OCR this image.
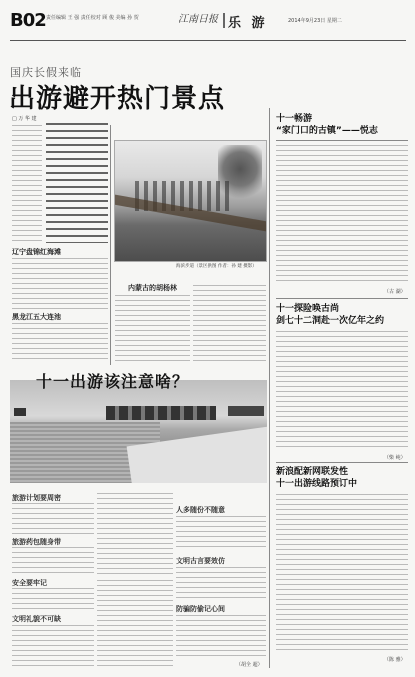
B02 责任编辑 王 强 责任校对 顾 俊 美编 孙 贺	江南日报 乐 游	2014年9月23日 星期二
国庆长假来临
出游避开热门景点
□ 万 华 建
海滨步道（景区供图 作者：孙 建 摄影）
辽宁盘锦红海滩
黑龙江五大连池
内蒙古的胡杨林
十一出游该注意啥？
旅游计划要周密
旅游药包随身带
安全要牢记
文明礼貌不可缺
人多随份不随意
文明古言要效仿
防骗防偷记心间
（胡全 超）
十一畅游
“家门口的古镇”——悦志
（古 湖）
十一探险唤古尚
剑七十二洞赴一次亿年之约
（柴 纯）
新浪配新网联发性
十一出游线路预订中
（陈 雅）
